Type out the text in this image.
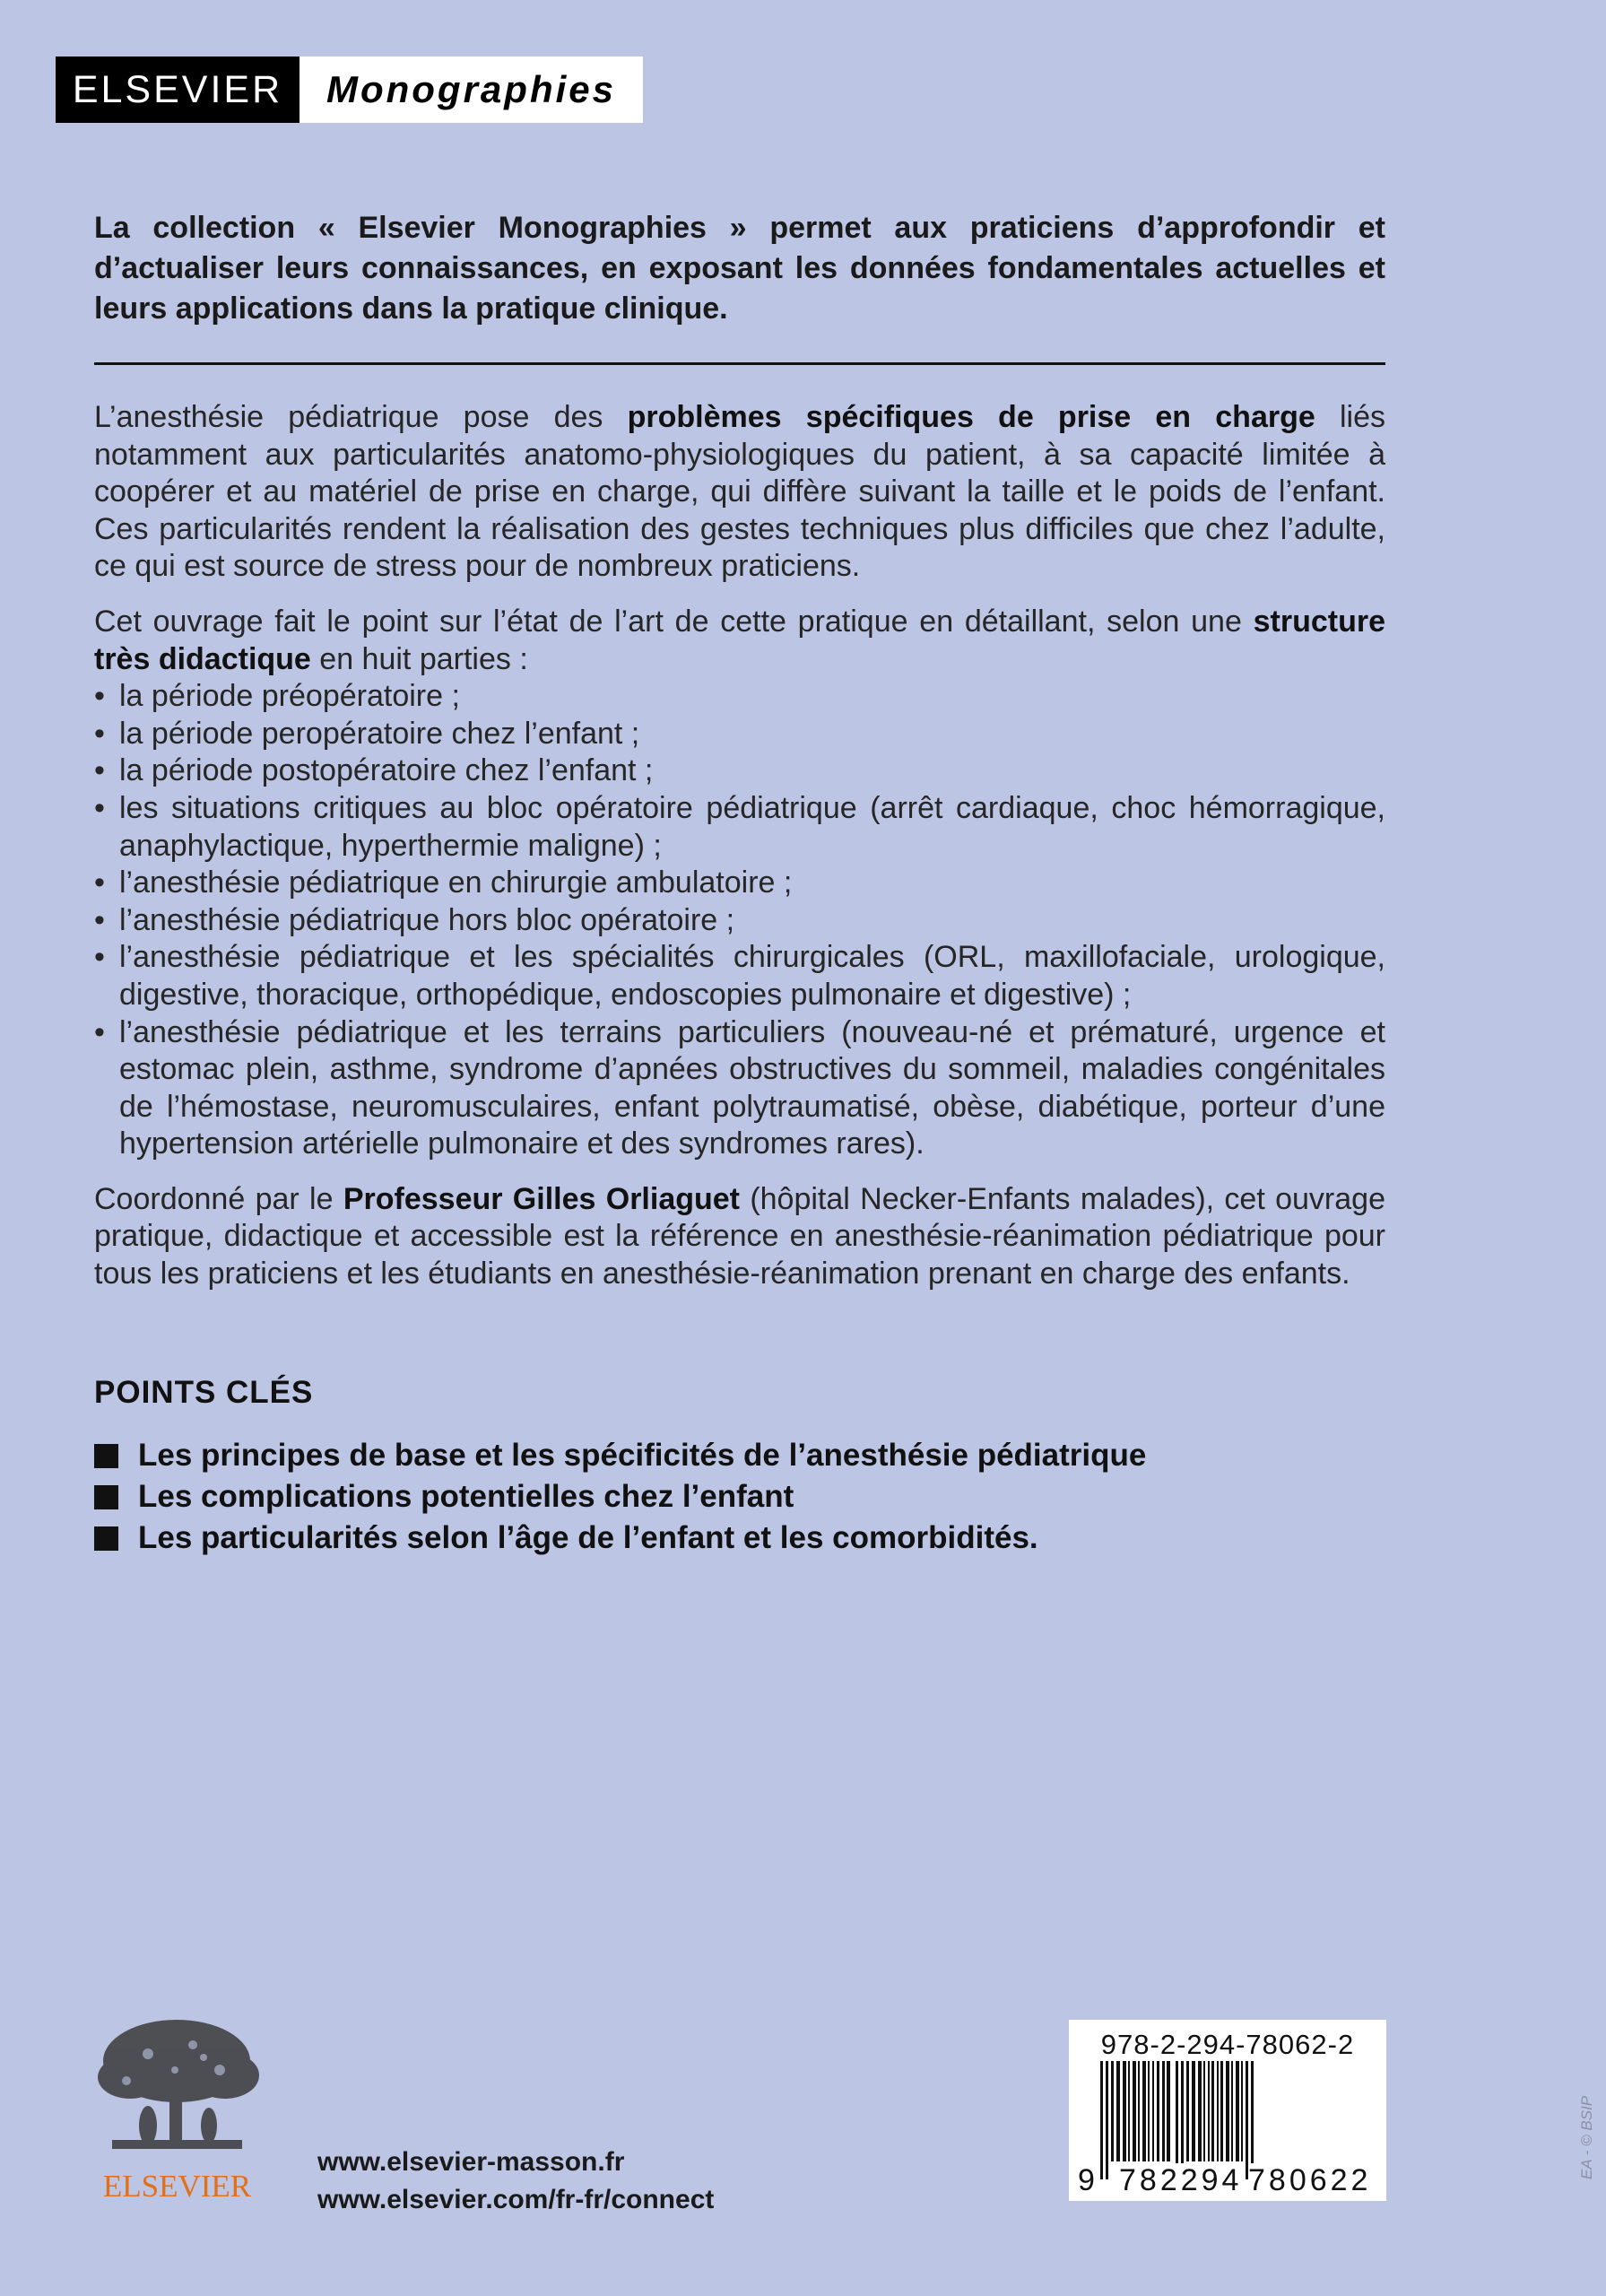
ELSEVIER	Monographies
La collection « Elsevier Monographies » permet aux praticiens d’approfondir et d’actualiser leurs connaissances, en exposant les données fondamentales actuelles et leurs applications dans la pratique clinique.

L’anesthésie pédiatrique pose des problèmes spécifiques de prise en charge liés notamment aux particularités anatomo-physiologiques du patient, à sa capacité limitée à coopérer et au matériel de prise en charge, qui diffère suivant la taille et le poids de l’enfant. Ces particularités rendent la réalisation des gestes techniques plus difficiles que chez l’adulte, ce qui est source de stress pour de nombreux praticiens.

Cet ouvrage fait le point sur l’état de l’art de cette pratique en détaillant, selon une structure très didactique en huit parties :

• la période préopératoire ;
• la période peropératoire chez l’enfant ;
• la période postopératoire chez l’enfant ;
• les situations critiques au bloc opératoire pédiatrique (arrêt cardiaque, choc hémorragique, anaphylactique, hyperthermie maligne) ;
• l’anesthésie pédiatrique en chirurgie ambulatoire ;
• l’anesthésie pédiatrique hors bloc opératoire ;
• l’anesthésie pédiatrique et les spécialités chirurgicales (ORL, maxillofaciale, urologique, digestive, thoracique, orthopédique, endoscopies pulmonaire et digestive) ;
• l’anesthésie pédiatrique et les terrains particuliers (nouveau-né et prématuré, urgence et estomac plein, asthme, syndrome d’apnées obstructives du sommeil, maladies congénitales de l’hémostase, neuromusculaires, enfant polytraumatisé, obèse, diabétique, porteur d’une hypertension artérielle pulmonaire et des syndromes rares).

Coordonné par le Professeur Gilles Orliaguet (hôpital Necker-Enfants malades), cet ouvrage pratique, didactique et accessible est la référence en anesthésie-réanimation pédiatrique pour tous les praticiens et les étudiants en anesthésie-réanimation prenant en charge des enfants.

POINTS CLÉS
Les principes de base et les spécificités de l’anesthésie pédiatrique
Les complications potentielles chez l’enfant
Les particularités selon l’âge de l’enfant et les comorbidités.
ELSEVIER
www.elsevier-masson.fr
www.elsevier.com/fr-fr/connect
978-2-294-78062-2
9 782294 780622
EA - © BSIP
